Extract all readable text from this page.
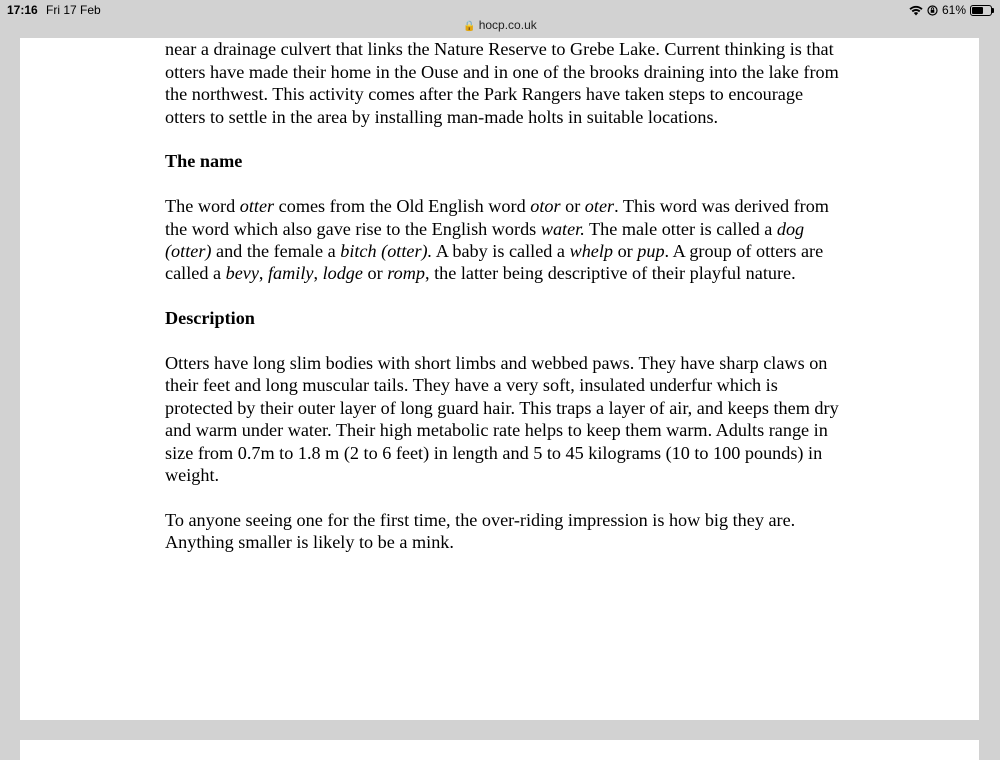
17:16 Fri 17 Feb	61%
🔒 hocp.co.uk

near a drainage culvert that links the Nature Reserve to Grebe Lake. Current thinking is that otters have made their home in the Ouse and in one of the brooks draining into the lake from the northwest. This activity comes after the Park Rangers have taken steps to encourage otters to settle in the area by installing man-made holts in suitable locations.

The name

The word otter comes from the Old English word otor or oter. This word was derived from the word which also gave rise to the English words water. The male otter is called a dog (otter) and the female a bitch (otter). A baby is called a whelp or pup. A group of otters are called a bevy, family, lodge or romp, the latter being descriptive of their playful nature.

Description

Otters have long slim bodies with short limbs and webbed paws. They have sharp claws on their feet and long muscular tails. They have a very soft, insulated underfur which is protected by their outer layer of long guard hair. This traps a layer of air, and keeps them dry and warm under water. Their high metabolic rate helps to keep them warm. Adults range in size from 0.7m to 1.8 m (2 to 6 feet) in length and 5 to 45 kilograms (10 to 100 pounds) in weight.

To anyone seeing one for the first time, the over-riding impression is how big they are. Anything smaller is likely to be a mink.
